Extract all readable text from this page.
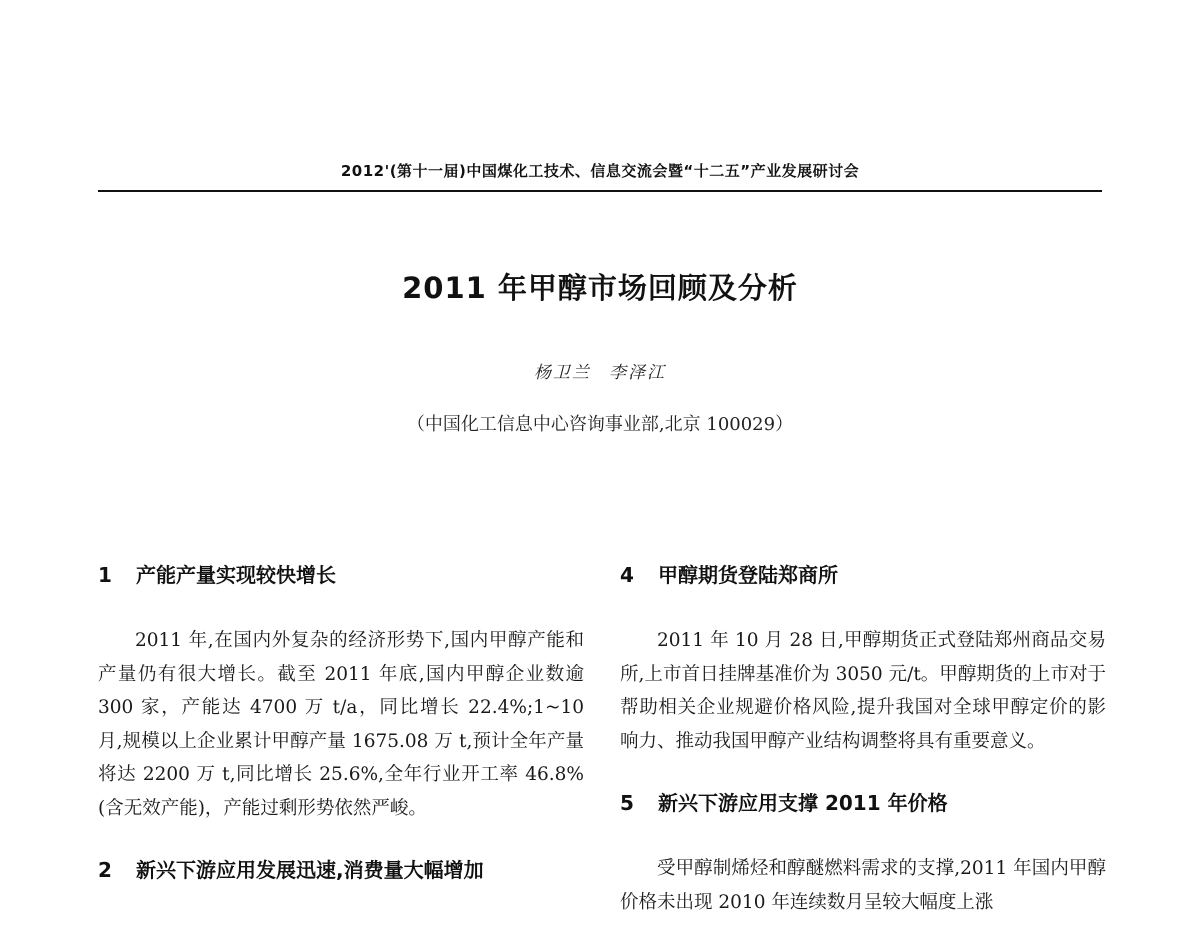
2012'(第十一届)中国煤化工技术、信息交流会暨“十二五”产业发展研讨会
2011 年甲醇市场回顾及分析
杨卫兰 李泽江
（中国化工信息中心咨询事业部,北京 100029）
1 产能产量实现较快增长

2011 年,在国内外复杂的经济形势下,国内甲醇产能和产量仍有很大增长。截至 2011 年底,国内甲醇企业数逾 300 家，产能达 4700 万 t/a，同比增长 22.4%;1~10 月,规模以上企业累计甲醇产量 1675.08 万 t,预计全年产量将达 2200 万 t,同比增长 25.6%,全年行业开工率 46.8%(含无效产能)，产能过剩形势依然严峻。

2 新兴下游应用发展迅速,消费量大幅增加
4 甲醇期货登陆郑商所

2011 年 10 月 28 日,甲醇期货正式登陆郑州商品交易所,上市首日挂牌基准价为 3050 元/t。甲醇期货的上市对于帮助相关企业规避价格风险,提升我国对全球甲醇定价的影响力、推动我国甲醇产业结构调整将具有重要意义。

5 新兴下游应用支撑 2011 年价格

受甲醇制烯烃和醇醚燃料需求的支撑,2011 年国内甲醇价格未出现 2010 年连续数月呈较大幅度上涨
